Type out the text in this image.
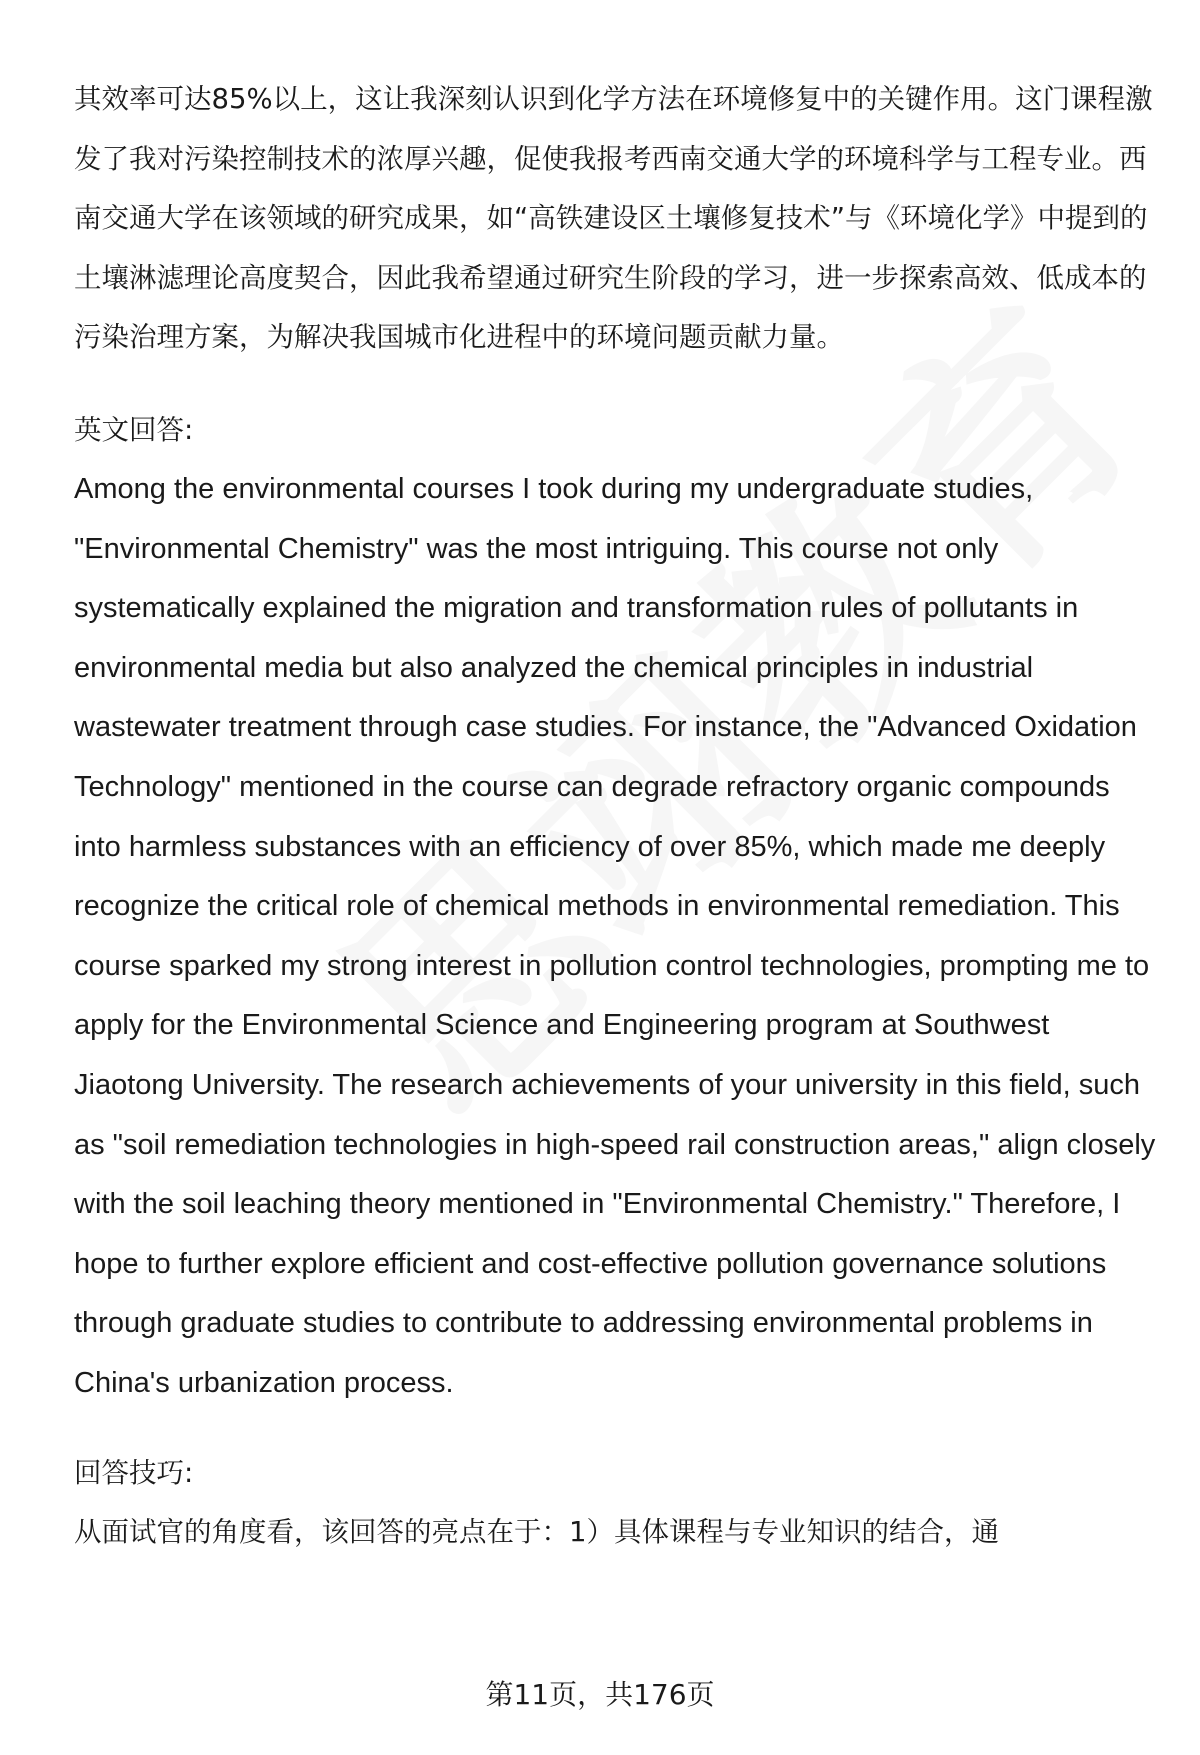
其效率可达85%以上，这让我深刻认识到化学方法在环境修复中的关键作用。这门课程激发了我对污染控制技术的浓厚兴趣，促使我报考西南交通大学的环境科学与工程专业。西南交通大学在该领域的研究成果，如“高铁建设区土壤修复技术”与《环境化学》中提到的土壤淋滤理论高度契合，因此我希望通过研究生阶段的学习，进一步探索高效、低成本的污染治理方案，为解决我国城市化进程中的环境问题贡献力量。

英文回答:

Among the environmental courses I took during my undergraduate studies, "Environmental Chemistry" was the most intriguing. This course not only systematically explained the migration and transformation rules of pollutants in environmental media but also analyzed the chemical principles in industrial wastewater treatment through case studies. For instance, the "Advanced Oxidation Technology" mentioned in the course can degrade refractory organic compounds into harmless substances with an efficiency of over 85%, which made me deeply recognize the critical role of chemical methods in environmental remediation. This course sparked my strong interest in pollution control technologies, prompting me to apply for the Environmental Science and Engineering program at Southwest Jiaotong University. The research achievements of your university in this field, such as "soil remediation technologies in high-speed rail construction areas," align closely with the soil leaching theory mentioned in "Environmental Chemistry." Therefore, I hope to further explore efficient and cost-effective pollution governance solutions through graduate studies to contribute to addressing environmental problems in China's urbanization process.

回答技巧:

从面试官的角度看，该回答的亮点在于：1）具体课程与专业知识的结合，通

第11页，共176页
